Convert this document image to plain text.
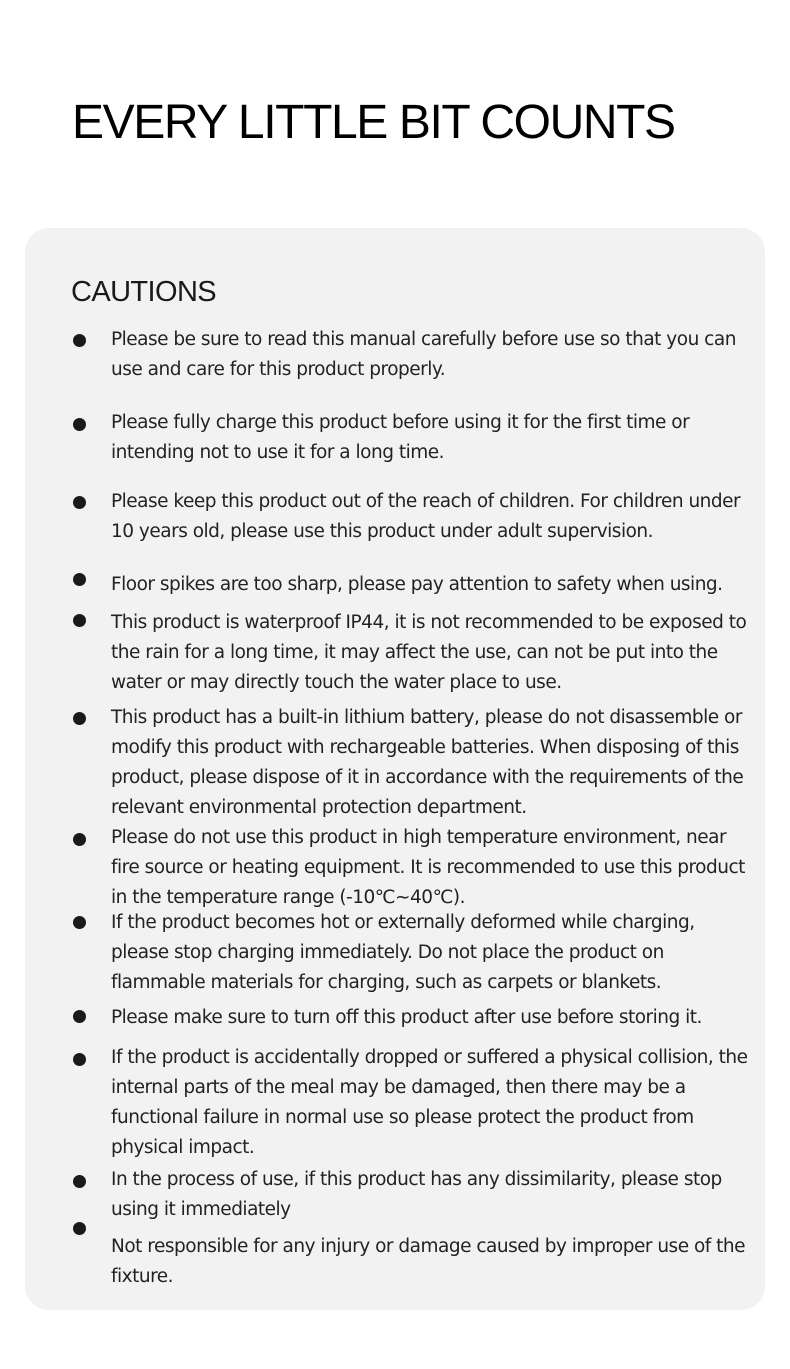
EVERY LITTLE BIT COUNTS
CAUTIONS

Please be sure to read this manual carefully before use so that you can use and care for this product properly.

Please fully charge this product before using it for the first time or intending not to use it for a long time.

Please keep this product out of the reach of children. For children under 10 years old, please use this product under adult supervision.

Floor spikes are too sharp, please pay attention to safety when using.

This product is waterproof IP44, it is not recommended to be exposed to the rain for a long time, it may affect the use, can not be put into the water or may directly touch the water place to use.

This product has a built-in lithium battery, please do not disassemble or modify this product with rechargeable batteries. When disposing of this product, please dispose of it in accordance with the requirements of the relevant environmental protection department.

Please do not use this product in high temperature environment, near fire source or heating equipment. It is recommended to use this product in the temperature range (-10℃~40℃).

If the product becomes hot or externally deformed while charging, please stop charging immediately. Do not place the product on flammable materials for charging, such as carpets or blankets.

Please make sure to turn off this product after use before storing it.

If the product is accidentally dropped or suffered a physical collision, the internal parts of the meal may be damaged, then there may be a functional failure in normal use so please protect the product from physical impact.

In the process of use, if this product has any dissimilarity, please stop using it immediately

Not responsible for any injury or damage caused by improper use of the fixture.
